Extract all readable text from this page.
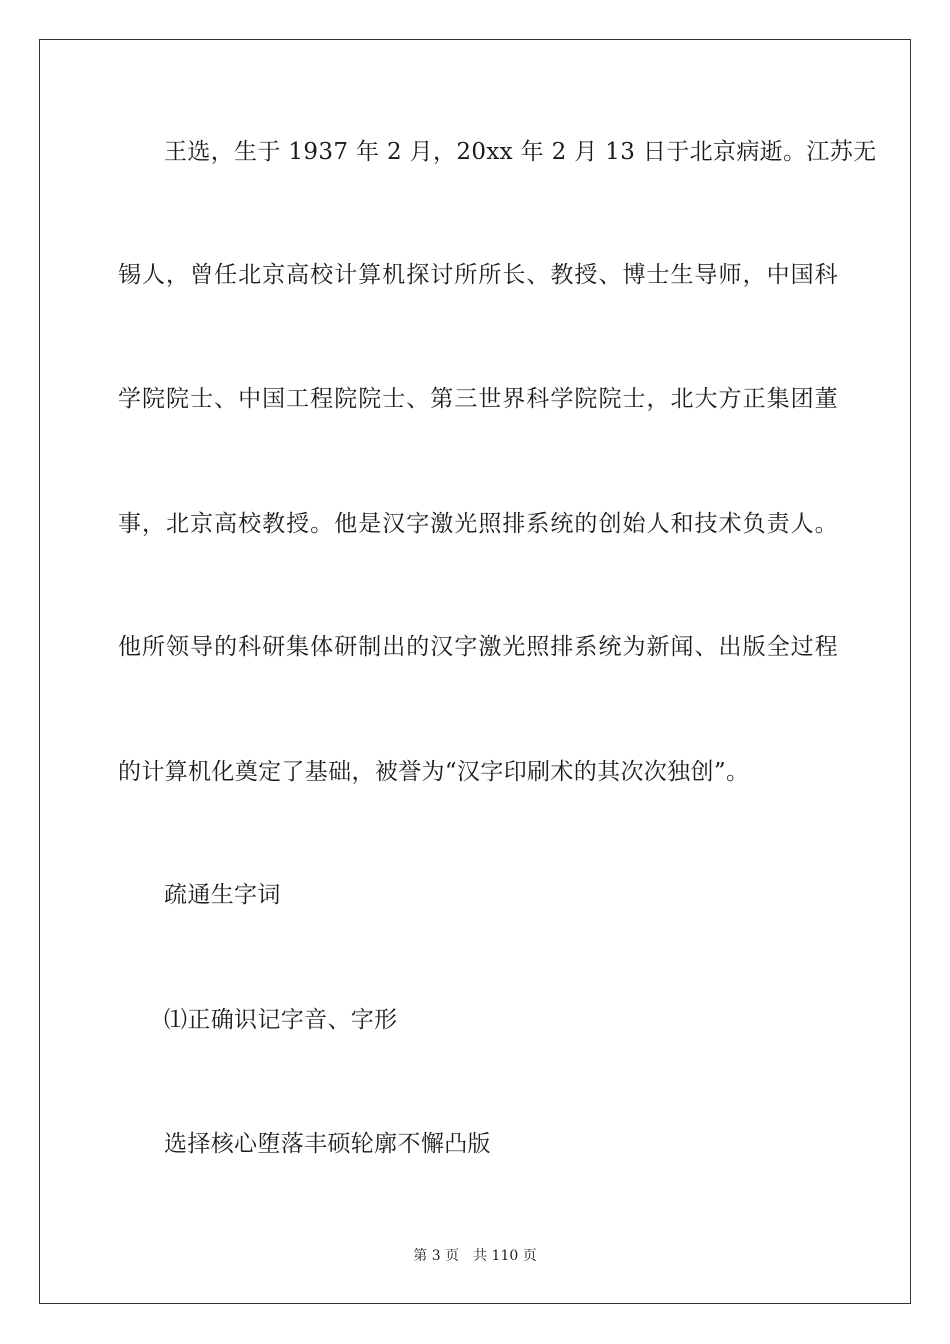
王选，生于 1937 年 2 月，20xx 年 2 月 13 日于北京病逝。江苏无
锡人，曾任北京高校计算机探讨所所长、教授、博士生导师，中国科
学院院士、中国工程院院士、第三世界科学院院士，北大方正集团董
事，北京高校教授。他是汉字激光照排系统的创始人和技术负责人。
他所领导的科研集体研制出的汉字激光照排系统为新闻、出版全过程
的计算机化奠定了基础，被誉为“汉字印刷术的其次次独创”。
疏通生字词
⑴正确识记字音、字形
选择核心堕落丰硕轮廓不懈凸版
第 3 页 共 110 页
